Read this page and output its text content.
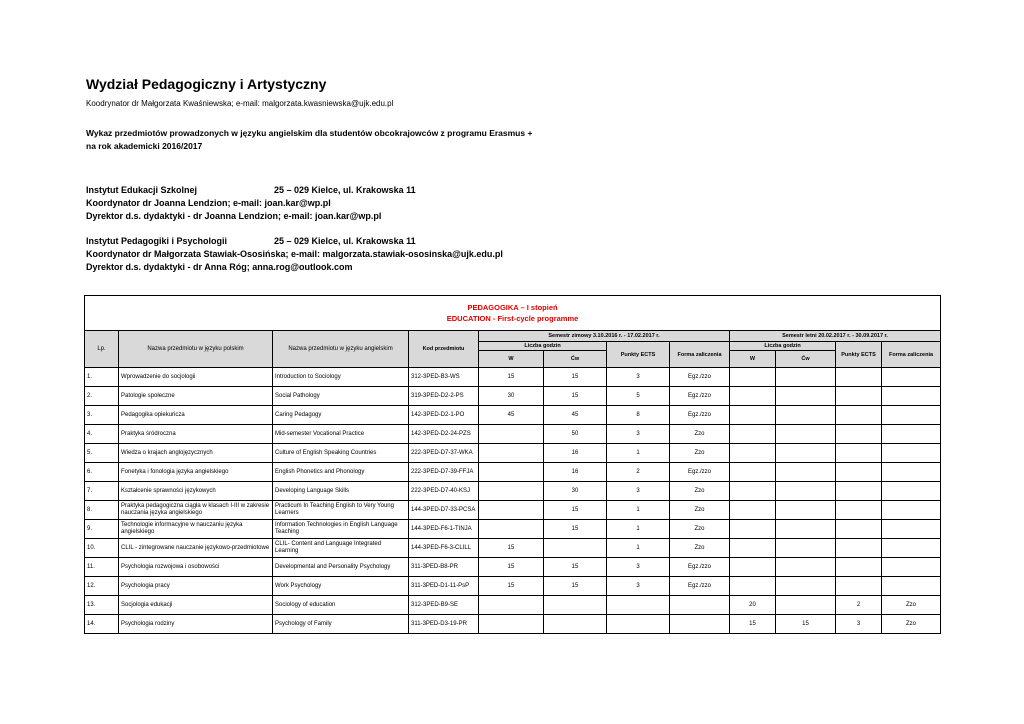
Wydział Pedagogiczny i Artystyczny
Koodrynator dr Małgorzata Kwaśniewska; e-mail: malgorzata.kwasniewska@ujk.edu.pl
Wykaz przedmiotów prowadzonych w języku angielskim dla studentów obcokrajowców z programu Erasmus +
na rok akademicki 2016/2017
Instytut Edukacji Szkolnej	25 – 029 Kielce, ul. Krakowska 11
Koordynator dr Joanna Lendzion; e-mail: joan.kar@wp.pl
Dyrektor d.s. dydaktyki - dr Joanna Lendzion; e-mail: joan.kar@wp.pl
Instytut Pedagogiki i Psychologii	25 – 029 Kielce, ul. Krakowska 11
Koordynator dr Małgorzata Stawiak-Ososińska; e-mail: malgorzata.stawiak-ososinska@ujk.edu.pl
Dyrektor d.s. dydaktyki - dr Anna Róg; anna.rog@outlook.com
PEDAGOGIKA – I stopień
EDUCATION - First-cycle programme											

Lp.	Nazwa przedmiotu w języku polskim	Nazwa przedmiotu w języku angielskim	Kod przedmiotu	Semestr zimowy 3.10.2016 r. - 17.02.2017 r.				Semestr letni 20.02.2017 r. - 30.09.2017 r.			
				Liczba godzin		Punkty ECTS	Forma zaliczenia	Liczba godzin		Punkty ECTS	Forma zaliczenia
				W	Ćw			W	Ćw		
1.	Wprowadzenie do socjologii	Introduction to Sociology	312-3PED-B3-WS	15	15	3	Egz./zzo				
2.	Patologie społeczne	Social Pathology	319-3PED-D2-2-PS	30	15	5	Egz./zzo				
3.	Pedagogika opiekuńcza	Caring Pedagogy	142-3PED-D2-1-PO	45	45	8	Egz./zzo				
4.	Praktyka śródroczna	Mid-semester Vocational Practice	142-3PED-D2-24-PZS		50	3	Zzo				
5.	Wiedza o krajach anglojęzycznych	Culture of English Speaking Countries	222-3PED-D7-37-WKA		16	1	Zzo				
6.	Fonetyka i fonologia języka angielskiego	English Phonetics and Phonology	222-3PED-D7-39-FFJA		16	2	Egz./zzo				
7.	Kształcenie sprawności językowych	Developing Language Skills	222-3PED-D7-40-KSJ		30	3	Zzo				
8.	Praktyka pedagogiczna ciągła w klasach I-III w zakresie nauczania języka angielskiego	Practicum In Teaching English to Very Young Learners	144-3PED-D7-33-PCSA		15	1	Zzo				
9.	Technologie informacyjne w nauczaniu języka angielskiego	Information Technologies in English Language Teaching	144-3PED-F6-1-TINJA		15	1	Zzo				
10.	CLIL - zintegrowane nauczanie językowo-przedmiotowe	CLIL- Content and Language Integrated Learning	144-3PED-F6-3-CLILL	15		1	Zzo				
11.	Psychologia rozwojowa i osobowości	Developmental and Personality Psychology	311-3PED-B8-PR	15	15	3	Egz./zzo				
12.	Psychologia pracy	Work Psychology	311-3PED-D1-11-PsP	15	15	3	Egz./zzo				
13.	Socjologia edukacji	Sociology of education	312-3PED-B9-SE					20		2	Zzo
14.	Psychologia rodziny	Psychology of Family	311-3PED-D3-19-PR					15	15	3	Zzo
